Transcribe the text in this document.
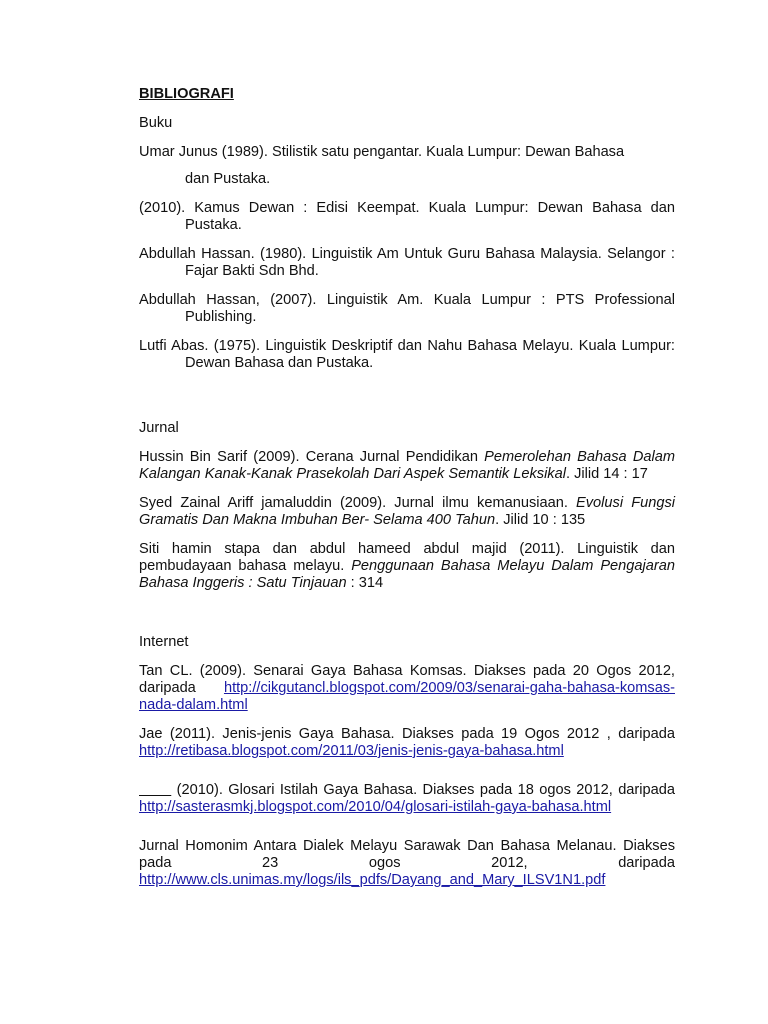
BIBLIOGRAFI
Buku
Umar Junus (1989). Stilistik satu pengantar. Kuala Lumpur: Dewan Bahasa
dan Pustaka.
(2010). Kamus Dewan : Edisi Keempat. Kuala Lumpur: Dewan Bahasa dan Pustaka.
Abdullah Hassan. (1980). Linguistik Am Untuk Guru Bahasa Malaysia. Selangor : Fajar Bakti Sdn Bhd.
Abdullah Hassan, (2007). Linguistik Am. Kuala Lumpur : PTS Professional Publishing.
Lutfi Abas. (1975). Linguistik Deskriptif dan Nahu Bahasa Melayu. Kuala Lumpur: Dewan Bahasa dan Pustaka.
Jurnal
Hussin Bin Sarif (2009). Cerana Jurnal Pendidikan Pemerolehan Bahasa Dalam Kalangan Kanak-Kanak Prasekolah Dari Aspek Semantik Leksikal. Jilid 14 : 17
Syed Zainal Ariff jamaluddin (2009). Jurnal ilmu kemanusiaan. Evolusi Fungsi Gramatis Dan Makna Imbuhan Ber- Selama 400 Tahun. Jilid 10 : 135
Siti hamin stapa dan abdul hameed abdul majid (2011). Linguistik dan pembudayaan bahasa melayu. Penggunaan Bahasa Melayu Dalam Pengajaran Bahasa Inggeris : Satu Tinjauan : 314
Internet
Tan CL. (2009). Senarai Gaya Bahasa Komsas. Diakses pada 20 Ogos 2012, daripada http://cikgutancl.blogspot.com/2009/03/senarai-gaha-bahasa-komsas-nada-dalam.html
Jae (2011). Jenis-jenis Gaya Bahasa. Diakses pada 19 Ogos 2012 , daripada http://retibasa.blogspot.com/2011/03/jenis-jenis-gaya-bahasa.html
(2010). Glosari Istilah Gaya Bahasa. Diakses pada 18 ogos 2012, daripada http://sasterasmkj.blogspot.com/2010/04/glosari-istilah-gaya-bahasa.html
Jurnal Homonim Antara Dialek Melayu Sarawak Dan Bahasa Melanau. Diakses pada 23 ogos 2012, daripada http://www.cls.unimas.my/logs/ils_pdfs/Dayang_and_Mary_ILSV1N1.pdf
